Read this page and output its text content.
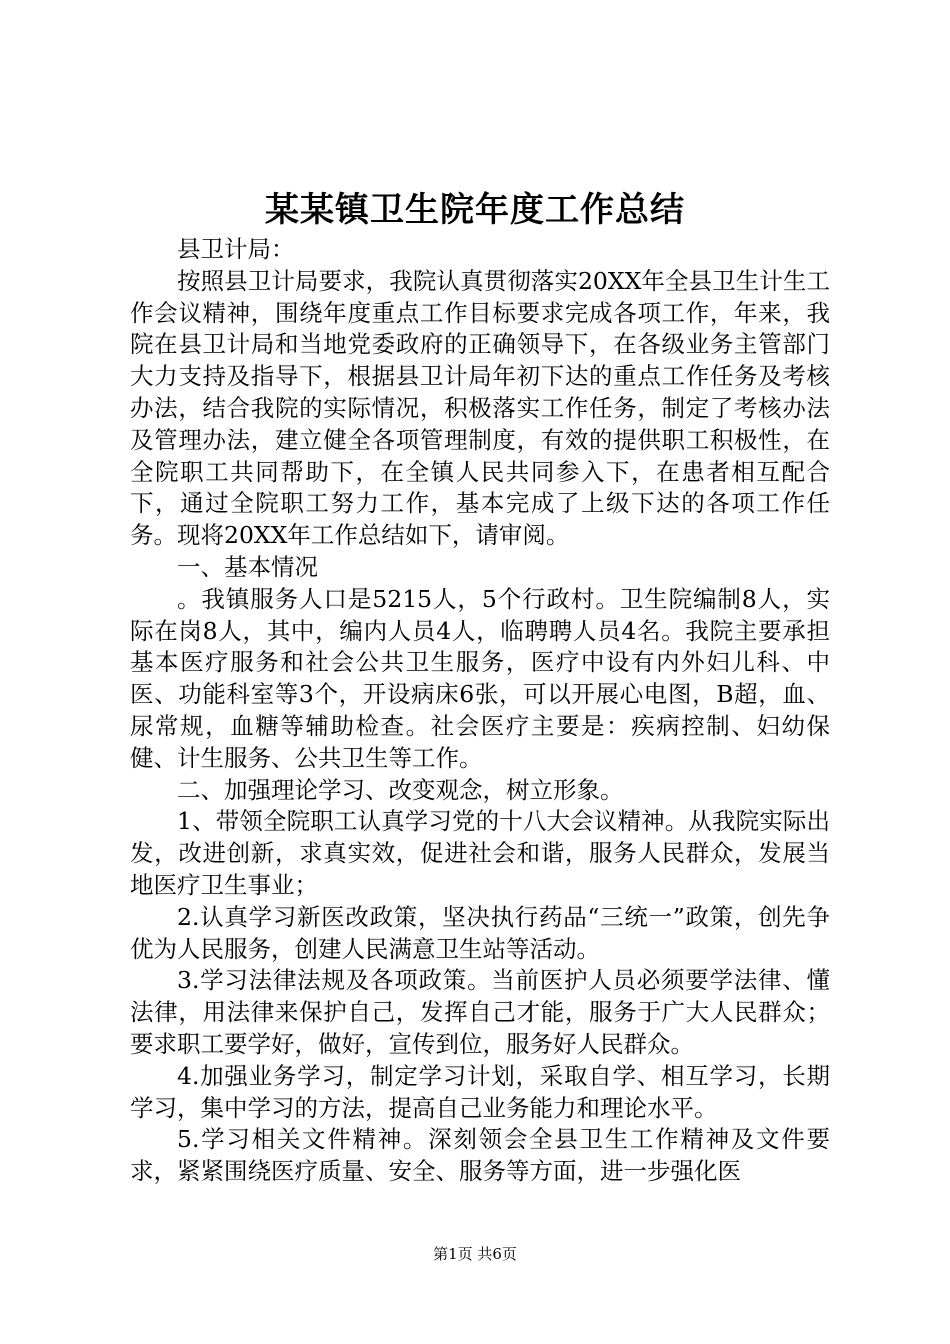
某某镇卫生院年度工作总结

县卫计局：

按照县卫计局要求，我院认真贯彻落实20XX年全县卫生计生工作会议精神，围绕年度重点工作目标要求完成各项工作，年来，我院在县卫计局和当地党委政府的正确领导下，在各级业务主管部门大力支持及指导下，根据县卫计局年初下达的重点工作任务及考核办法，结合我院的实际情况，积极落实工作任务，制定了考核办法及管理办法，建立健全各项管理制度，有效的提供职工积极性，在全院职工共同帮助下，在全镇人民共同参入下，在患者相互配合下，通过全院职工努力工作，基本完成了上级下达的各项工作任务。现将20XX年工作总结如下，请审阅。

一、基本情况

。我镇服务人口是5215人，5个行政村。卫生院编制8人，实际在岗8人，其中，编内人员4人，临聘聘人员4名。我院主要承担基本医疗服务和社会公共卫生服务，医疗中设有内外妇儿科、中医、功能科室等3个，开设病床6张，可以开展心电图，B超，血、尿常规，血糖等辅助检查。社会医疗主要是：疾病控制、妇幼保健、计生服务、公共卫生等工作。

二、加强理论学习、改变观念，树立形象。

1、带领全院职工认真学习党的十八大会议精神。从我院实际出发，改进创新，求真实效，促进社会和谐，服务人民群众，发展当地医疗卫生事业；

2.认真学习新医改政策，坚决执行药品“三统一”政策，创先争优为人民服务，创建人民满意卫生站等活动。

3.学习法律法规及各项政策。当前医护人员必须要学法律、懂法律，用法律来保护自己，发挥自己才能，服务于广大人民群众；要求职工要学好，做好，宣传到位，服务好人民群众。

4.加强业务学习，制定学习计划，采取自学、相互学习，长期学习，集中学习的方法，提高自己业务能力和理论水平。

5.学习相关文件精神。深刻领会全县卫生工作精神及文件要求，紧紧围绕医疗质量、安全、服务等方面，进一步强化医

第1页 共6页
